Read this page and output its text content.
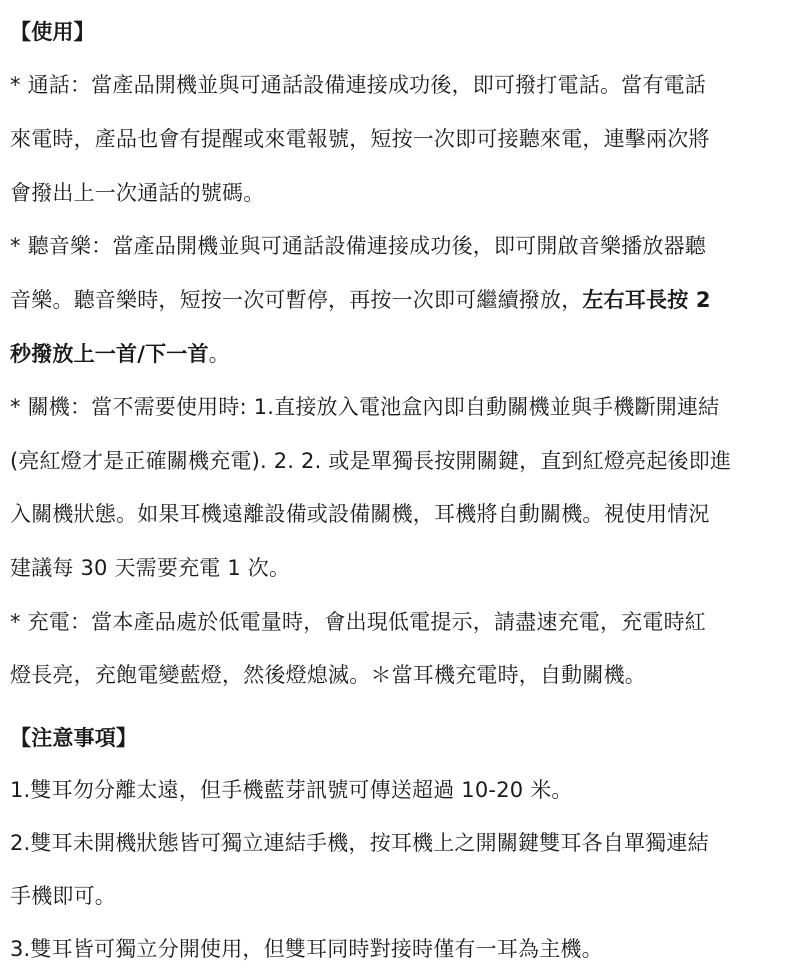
【使用】
* 通話：當產品開機並與可通話設備連接成功後，即可撥打電話。當有電話
來電時，產品也會有提醒或來電報號，短按一次即可接聽來電，連擊兩次將
會撥出上一次通話的號碼。
* 聽音樂：當產品開機並與可通話設備連接成功後，即可開啟音樂播放器聽
音樂。聽音樂時，短按一次可暫停，再按一次即可繼續撥放，左右耳長按 2
秒撥放上一首/下一首。
* 關機：當不需要使用時: 1.直接放入電池盒內即自動關機並與手機斷開連結
(亮紅燈才是正確關機充電). 2. 2. 或是單獨長按開關鍵，直到紅燈亮起後即進
入關機狀態。如果耳機遠離設備或設備關機，耳機將自動關機。視使用情況
建議每 30 天需要充電 1 次。
* 充電：當本產品處於低電量時，會出現低電提示，請盡速充電，充電時紅
燈長亮，充飽電變藍燈，然後燈熄滅。＊當耳機充電時，自動關機。
【注意事項】
1.雙耳勿分離太遠，但手機藍芽訊號可傳送超過 10-20 米。
2.雙耳未開機狀態皆可獨立連結手機，按耳機上之開關鍵雙耳各自單獨連結
手機即可。
3.雙耳皆可獨立分開使用，但雙耳同時對接時僅有一耳為主機。
